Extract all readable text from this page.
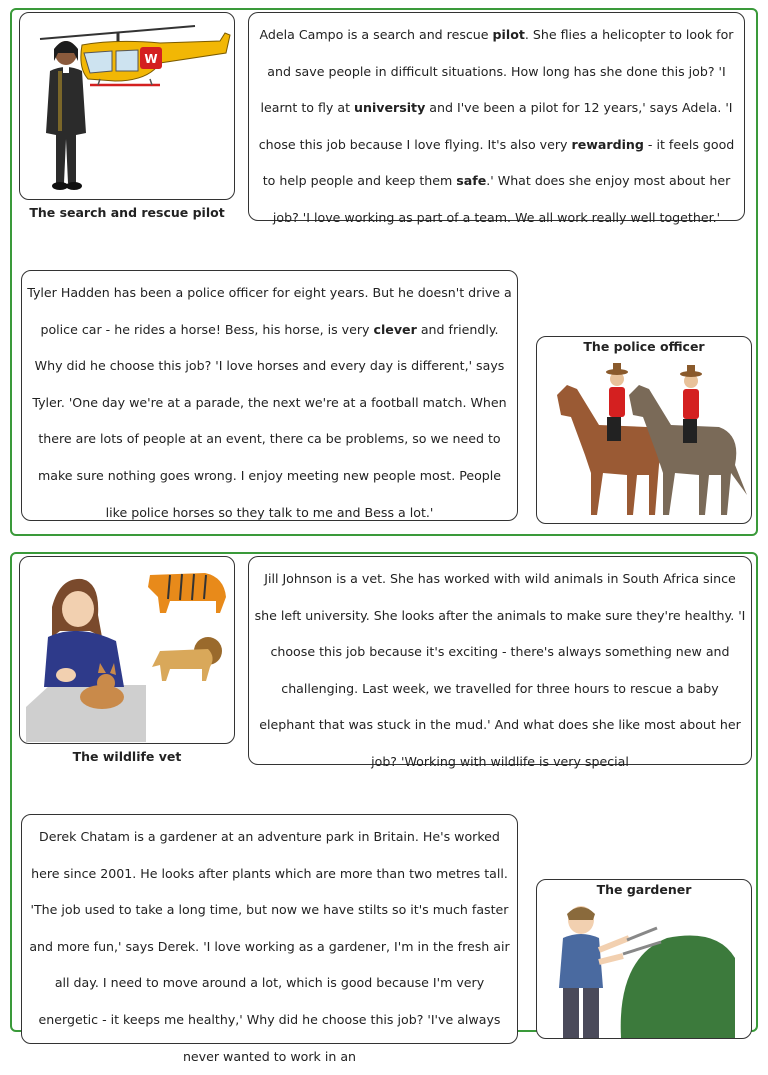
W
The search and rescue pilot
Adela Campo is a search and rescue pilot. She flies a helicopter to look for and save people in difficult situations. How long has she done this job? 'I learnt to fly at university and I've been a pilot for 12 years,' says Adela. 'I chose this job because I love flying. It's also very rewarding - it feels good to help people and keep them safe.' What does she enjoy most about her job? 'I love working as part of a team. We all work really well together.'
Tyler Hadden has been a police officer for eight years. But he doesn't drive a police car - he rides a horse! Bess, his horse, is very clever and friendly. Why did he choose this job? 'I love horses and every day is different,' says Tyler. 'One day we're at a parade, the next we're at a football match. When there are lots of people at an event, there ca be problems, so we need to make sure nothing goes wrong. I enjoy meeting new people most. People like police horses so they talk to me and Bess a lot.'
The police officer
The wildlife vet
Jill Johnson is a vet. She has worked with wild animals in South Africa since she left university. She looks after the animals to make sure they're healthy. 'I choose this job because it's exciting - there's always something new and challenging. Last week, we travelled for three hours to rescue a baby elephant that was stuck in the mud.' And what does she like most about her job? 'Working with wildlife is very special
Derek Chatam is a gardener at an adventure park in Britain. He's worked here since 2001. He looks after plants which are more than two metres tall. 'The job used to take a long time, but now we have stilts so it's much faster and more fun,' says Derek. 'I love working as a gardener, I'm in the fresh air all day. I need to move around a lot, which is good because I'm very energetic - it keeps me healthy,' Why did he choose this job? 'I've always never wanted to work in an
The gardener
